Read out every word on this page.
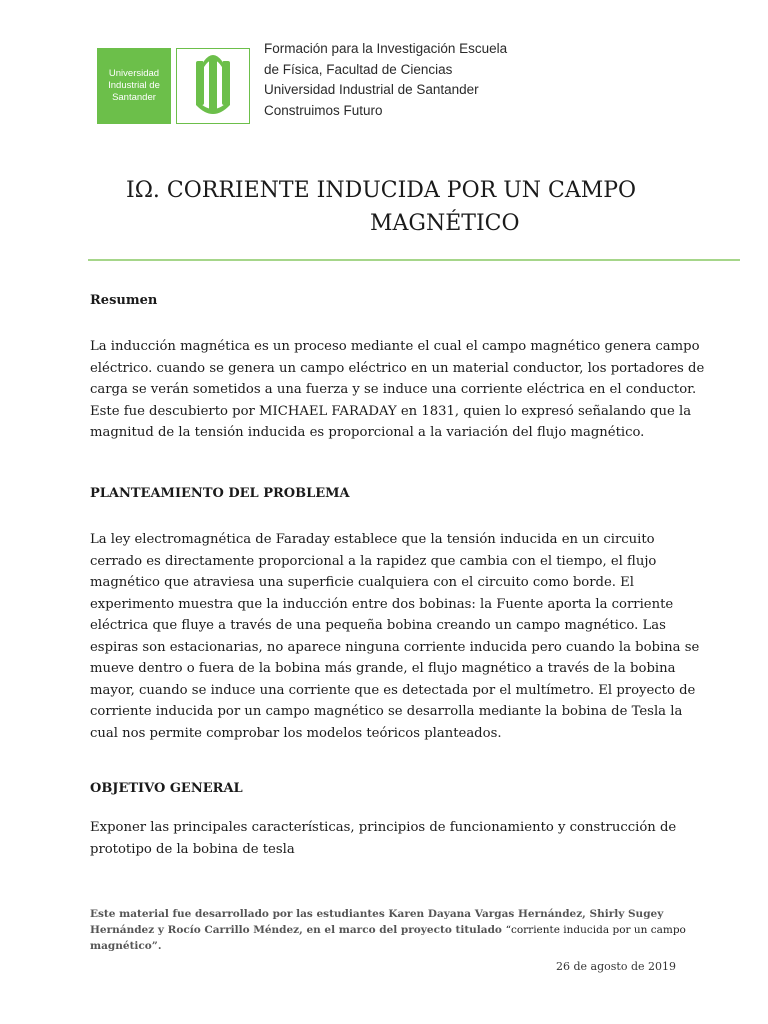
Universidad
Industrial de
Santander
Formación para la Investigación Escuela
de Física, Facultad de Ciencias
Universidad Industrial de Santander
Construimos Futuro
IΩ. CORRIENTE INDUCIDA POR UN CAMPO
MAGNÉTICO
Resumen
La inducción magnética es un proceso mediante el cual el campo magnético genera campo
eléctrico. cuando se genera un campo eléctrico en un material conductor, los portadores de
carga se verán sometidos a una fuerza y se induce una corriente eléctrica en el conductor.
Este fue descubierto por MICHAEL FARADAY en 1831, quien lo expresó señalando que la
magnitud de la tensión inducida es proporcional a la variación del flujo magnético.
PLANTEAMIENTO DEL PROBLEMA
La ley electromagnética de Faraday establece que la tensión inducida en un circuito
cerrado es directamente proporcional a la rapidez que cambia con el tiempo, el flujo
magnético que atraviesa una superficie cualquiera con el circuito como borde. El
experimento muestra que la inducción entre dos bobinas: la Fuente aporta la corriente
eléctrica que fluye a través de una pequeña bobina creando un campo magnético. Las
espiras son estacionarias, no aparece ninguna corriente inducida pero cuando la bobina se
mueve dentro o fuera de la bobina más grande, el flujo magnético a través de la bobina
mayor, cuando se induce una corriente que es detectada por el multímetro. El proyecto de
corriente inducida por un campo magnético se desarrolla mediante la bobina de Tesla la
cual nos permite comprobar los modelos teóricos planteados.
OBJETIVO GENERAL
Exponer las principales características, principios de funcionamiento y construcción de
prototipo de la bobina de tesla
Este material fue desarrollado por las estudiantes Karen Dayana Vargas Hernández, Shirly Sugey
Hernández y Rocío Carrillo Méndez, en el marco del proyecto titulado “corriente inducida por un campo
magnético”.
26 de agosto de 2019
